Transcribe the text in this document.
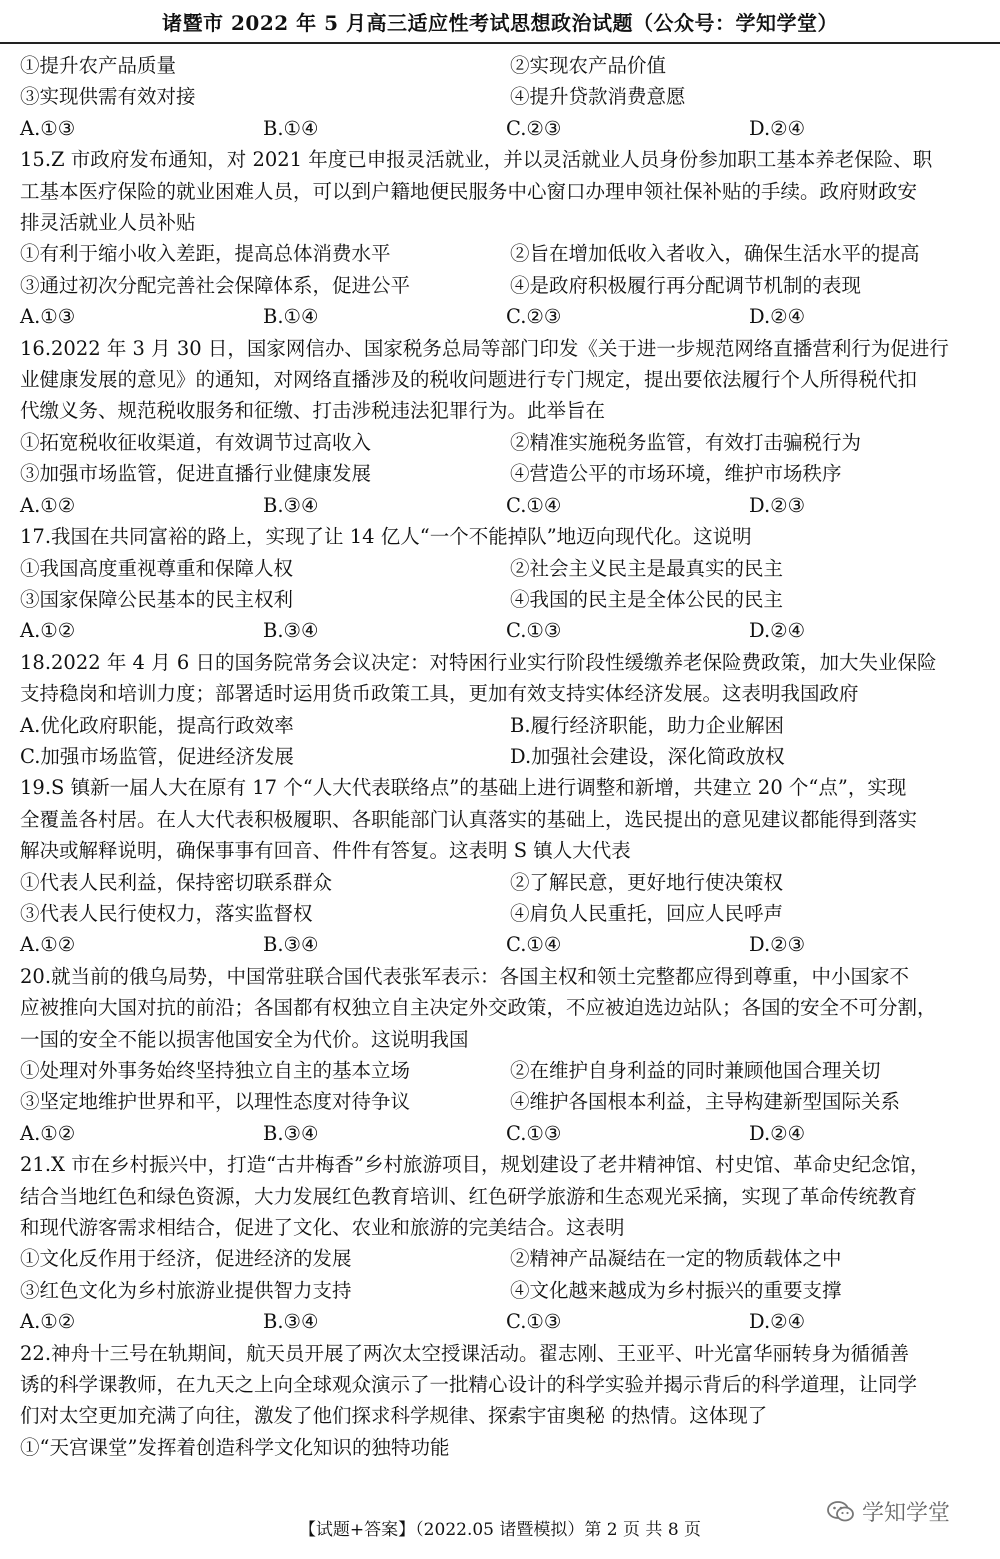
诸暨市 2022 年 5 月高三适应性考试思想政治试题（公众号：学知学堂）
①提升农产品质量	②实现农产品价值
③实现供需有效对接	④提升贷款消费意愿
A.①③	B.①④	C.②③	D.②④
15.Z 市政府发布通知，对 2021 年度已申报灵活就业，并以灵活就业人员身份参加职工基本养老保险、职
工基本医疗保险的就业困难人员，可以到户籍地便民服务中心窗口办理申领社保补贴的手续。政府财政安
排灵活就业人员补贴
①有利于缩小收入差距，提高总体消费水平	②旨在增加低收入者收入，确保生活水平的提高
③通过初次分配完善社会保障体系，促进公平	④是政府积极履行再分配调节机制的表现
A.①③	B.①④	C.②③	D.②④
16.2022 年 3 月 30 日，国家网信办、国家税务总局等部门印发《关于进一步规范网络直播营利行为促进行
业健康发展的意见》的通知，对网络直播涉及的税收问题进行专门规定，提出要依法履行个人所得税代扣
代缴义务、规范税收服务和征缴、打击涉税违法犯罪行为。此举旨在
①拓宽税收征收渠道，有效调节过高收入	②精准实施税务监管，有效打击骗税行为
③加强市场监管，促进直播行业健康发展	④营造公平的市场环境，维护市场秩序
A.①②	B.③④	C.①④	D.②③
17.我国在共同富裕的路上，实现了让 14 亿人“一个不能掉队”地迈向现代化。这说明
①我国高度重视尊重和保障人权	②社会主义民主是最真实的民主
③国家保障公民基本的民主权利	④我国的民主是全体公民的民主
A.①②	B.③④	C.①③	D.②④
18.2022 年 4 月 6 日的国务院常务会议决定：对特困行业实行阶段性缓缴养老保险费政策，加大失业保险
支持稳岗和培训力度；部署适时运用货币政策工具，更加有效支持实体经济发展。这表明我国政府
A.优化政府职能，提高行政效率	B.履行经济职能，助力企业解困
C.加强市场监管，促进经济发展	D.加强社会建设，深化简政放权
19.S 镇新一届人大在原有 17 个“人大代表联络点”的基础上进行调整和新增，共建立 20 个“点”，实现
全覆盖各村居。在人大代表积极履职、各职能部门认真落实的基础上，选民提出的意见建议都能得到落实
解决或解释说明，确保事事有回音、件件有答复。这表明 S 镇人大代表
①代表人民利益，保持密切联系群众	②了解民意，更好地行使决策权
③代表人民行使权力，落实监督权	④肩负人民重托，回应人民呼声
A.①②	B.③④	C.①④	D.②③
20.就当前的俄乌局势，中国常驻联合国代表张军表示：各国主权和领土完整都应得到尊重，中小国家不
应被推向大国对抗的前沿；各国都有权独立自主决定外交政策，不应被迫选边站队；各国的安全不可分割，
一国的安全不能以损害他国安全为代价。这说明我国
①处理对外事务始终坚持独立自主的基本立场	②在维护自身利益的同时兼顾他国合理关切
③坚定地维护世界和平，以理性态度对待争议	④维护各国根本利益，主导构建新型国际关系
A.①②	B.③④	C.①③	D.②④
21.X 市在乡村振兴中，打造“古井梅香”乡村旅游项目，规划建设了老井精神馆、村史馆、革命史纪念馆，
结合当地红色和绿色资源，大力发展红色教育培训、红色研学旅游和生态观光采摘，实现了革命传统教育
和现代游客需求相结合，促进了文化、农业和旅游的完美结合。这表明
①文化反作用于经济，促进经济的发展	②精神产品凝结在一定的物质载体之中
③红色文化为乡村旅游业提供智力支持	④文化越来越成为乡村振兴的重要支撑
A.①②	B.③④	C.①③	D.②④
22.神舟十三号在轨期间，航天员开展了两次太空授课活动。翟志刚、王亚平、叶光富华丽转身为循循善
诱的科学课教师，在九天之上向全球观众演示了一批精心设计的科学实验并揭示背后的科学道理，让同学
们对太空更加充满了向往，激发了他们探求科学规律、探索宇宙奥秘 的热情。这体现了
①“天宫课堂”发挥着创造科学文化知识的独特功能
学知学堂
【试题+答案】（2022.05 诸暨模拟）第 2 页 共 8 页
